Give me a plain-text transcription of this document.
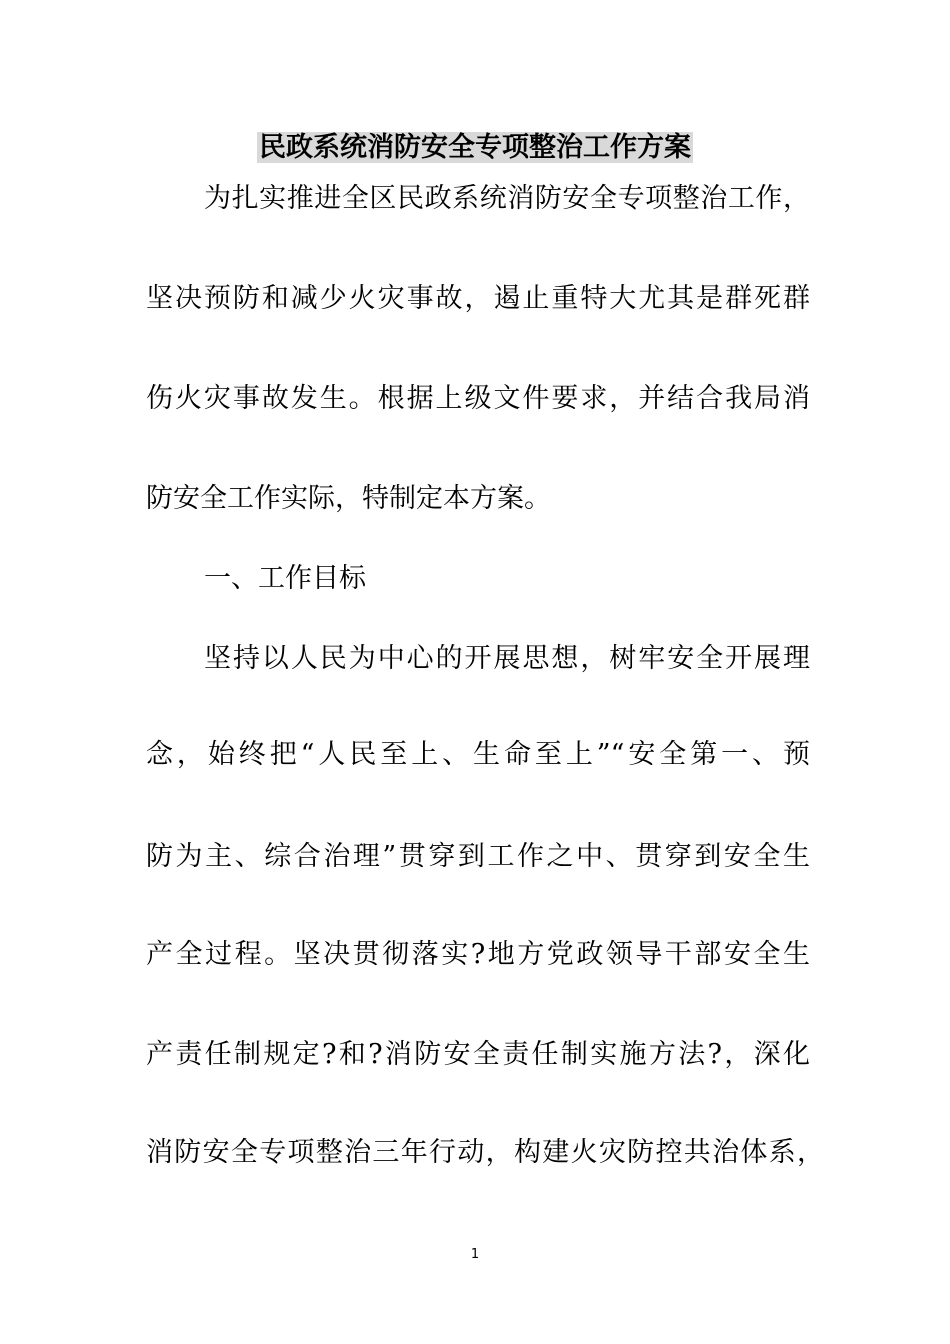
民政系统消防安全专项整治工作方案
为扎实推进全区民政系统消防安全专项整治工作，
坚决预防和减少火灾事故，遏止重特大尤其是群死群
伤火灾事故发生。根据上级文件要求，并结合我局消
防安全工作实际，特制定本方案。
一、工作目标
坚持以人民为中心的开展思想，树牢安全开展理
念，始终把“人民至上、生命至上”“安全第一、预
防为主、综合治理”贯穿到工作之中、贯穿到安全生
产全过程。坚决贯彻落实?地方党政领导干部安全生
产责任制规定?和?消防安全责任制实施方法?，深化
消防安全专项整治三年行动，构建火灾防控共治体系，
1
